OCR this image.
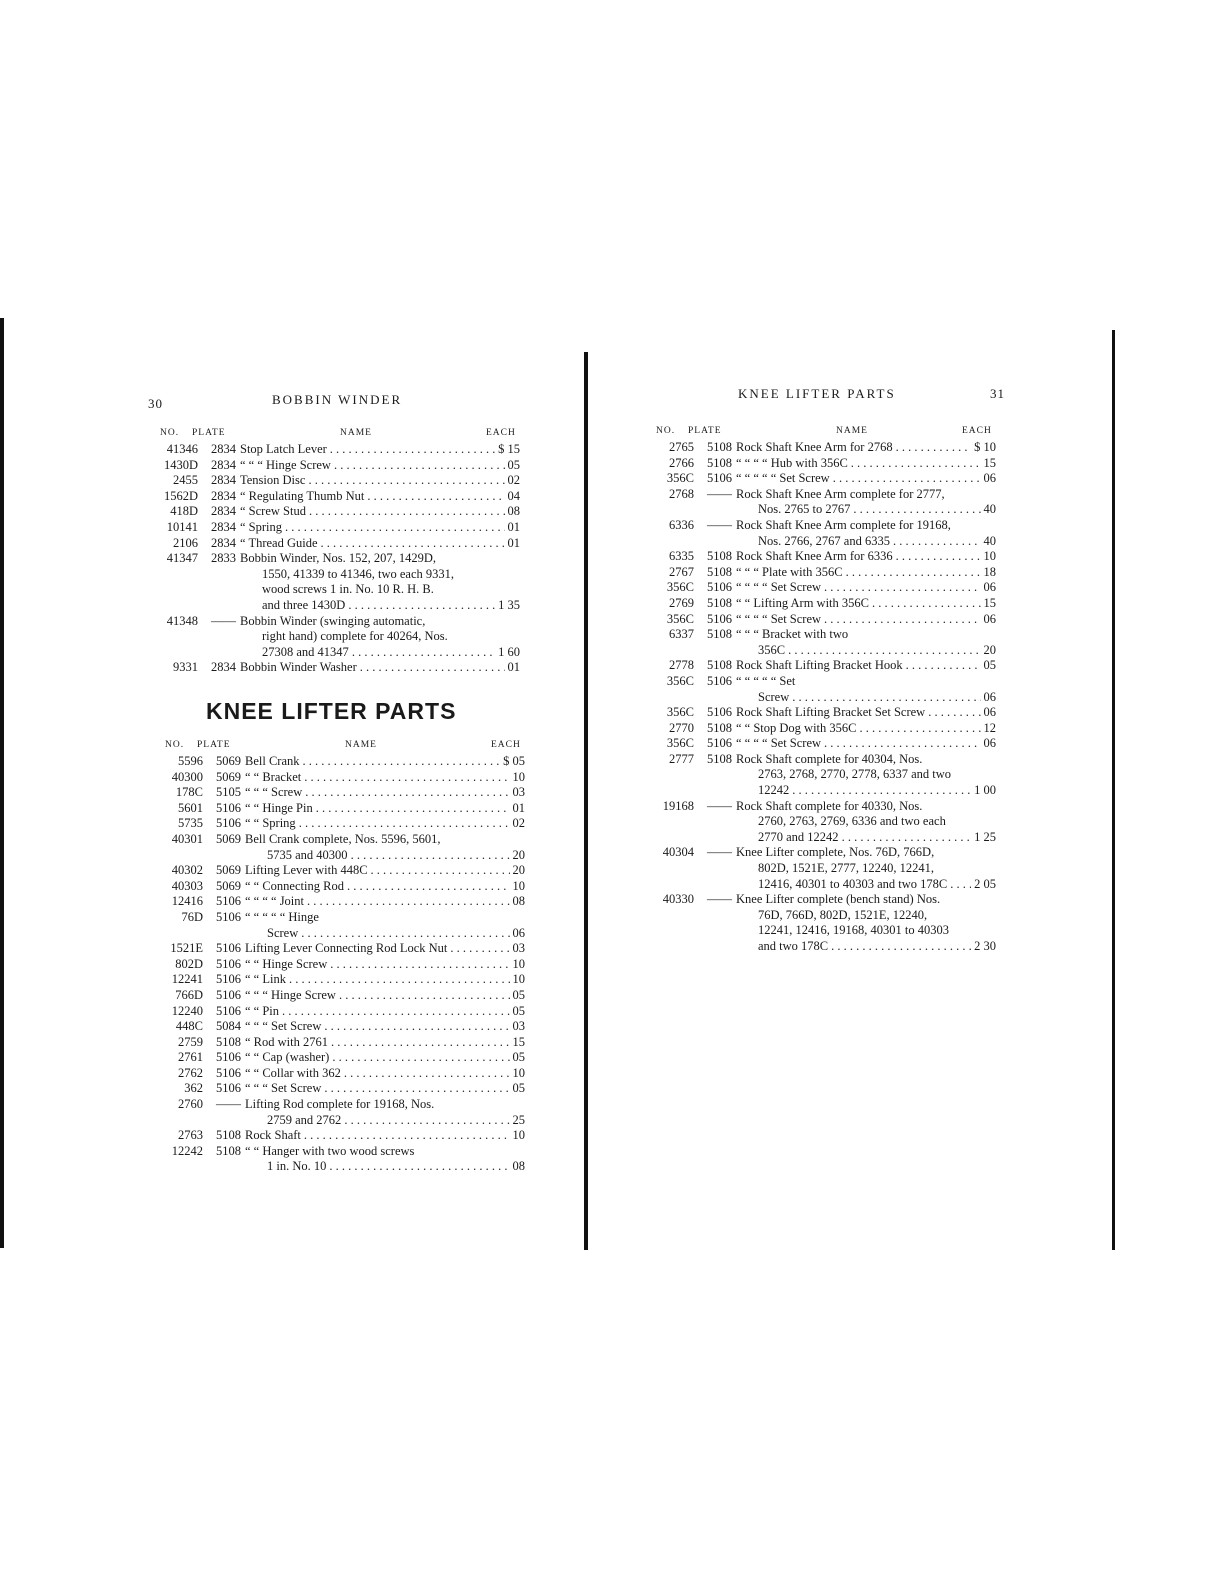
30	BOBBIN WINDER
NO. PLATE	NAME	EACH
41346	2834 Stop Latch Lever . . .	$ 15
1430D	2834 “ “ “ Hinge Screw . . .	05
2455	2834 Tension Disc . . .	02
1562D	2834 “ Regulating Thumb Nut . . .	04
418D	2834 “ Screw Stud . . .	08
10141	2834 “ Spring . . .	01
2106	2834 “ Thread Guide . . .	01
41347	2833 Bobbin Winder, Nos. 152, 207, 1429D,
1550, 41339 to 41346, two each 9331,
wood screws 1 in. No. 10 R. H. B.
and three 1430D . . .	1 35
41348	—— Bobbin Winder (swinging automatic,
right hand) complete for 40264, Nos.
27308 and 41347 . . .	1 60
9331	2834 Bobbin Winder Washer . . .	01
KNEE LIFTER PARTS
NO. PLATE	NAME	EACH
5596	5069 Bell Crank . . .	$ 05
40300	5069 “ “ Bracket . . .	10
178C	5105 “ “ “ Screw . . .	03
5601	5106 “ “ Hinge Pin . . .	01
5735	5106 “ “ Spring . . .	02
40301	5069 Bell Crank complete, Nos. 5596, 5601,
5735 and 40300 . . .	20
40302	5069 Lifting Lever with 448C . . .	20
40303	5069 “ “ Connecting Rod . . .	10
12416	5106 “ “ “ “ Joint . . .	08
76D	5106 “ “ “ “ “ Hinge
Screw . . .	06
1521E	5106 Lifting Lever Connecting Rod Lock Nut . . .	03
802D	5106 “ “ Hinge Screw . . .	10
12241	5106 “ “ Link . . .	10
766D	5106 “ “ “ Hinge Screw . . .	05
12240	5106 “ “ Pin . . .	05
448C	5084 “ “ “ Set Screw . . .	03
2759	5108 “ Rod with 2761 . . .	15
2761	5106 “ “ Cap (washer) . . .	05
2762	5106 “ “ Collar with 362 . . .	10
362	5106 “ “ “ Set Screw . . .	05
2760	—— Lifting Rod complete for 19168, Nos.
2759 and 2762 . . .	25
2763	5108 Rock Shaft . . .	10
12242	5108 “ “ Hanger with two wood screws
1 in. No. 10 . . .	08
KNEE LIFTER PARTS	31
NO. PLATE	NAME	EACH
2765	5108 Rock Shaft Knee Arm for 2768 . . .	$ 10
2766	5108 “ “ “ “ Hub with 356C . . .	15
356C	5106 “ “ “ “ “ Set Screw . . .	06
2768	—— Rock Shaft Knee Arm complete for 2777,
Nos. 2765 to 2767 . . .	40
6336	—— Rock Shaft Knee Arm complete for 19168,
Nos. 2766, 2767 and 6335 . . .	40
6335	5108 Rock Shaft Knee Arm for 6336 . . .	10
2767	5108 “ “ “ Plate with 356C . . .	18
356C	5106 “ “ “ “ Set Screw . . .	06
2769	5108 “ “ Lifting Arm with 356C . . .	15
356C	5106 “ “ “ “ Set Screw . . .	06
6337	5108 “ “ “ Bracket with two
356C . . .	20
2778	5108 Rock Shaft Lifting Bracket Hook . . .	05
356C	5106 “ “ “ “ “ Set
Screw . . .	06
356C	5106 Rock Shaft Lifting Bracket Set Screw . . .	06
2770	5108 “ “ Stop Dog with 356C . . .	12
356C	5106 “ “ “ “ Set Screw . . .	06
2777	5108 Rock Shaft complete for 40304, Nos.
2763, 2768, 2770, 2778, 6337 and two
12242 . . .	1 00
19168	—— Rock Shaft complete for 40330, Nos.
2760, 2763, 2769, 6336 and two each
2770 and 12242 . . .	1 25
40304	—— Knee Lifter complete, Nos. 76D, 766D,
802D, 1521E, 2777, 12240, 12241,
12416, 40301 to 40303 and two 178C . . . 2 05
40330	—— Knee Lifter complete (bench stand) Nos.
76D, 766D, 802D, 1521E, 12240,
12241, 12416, 19168, 40301 to 40303
and two 178C . . .	2 30
